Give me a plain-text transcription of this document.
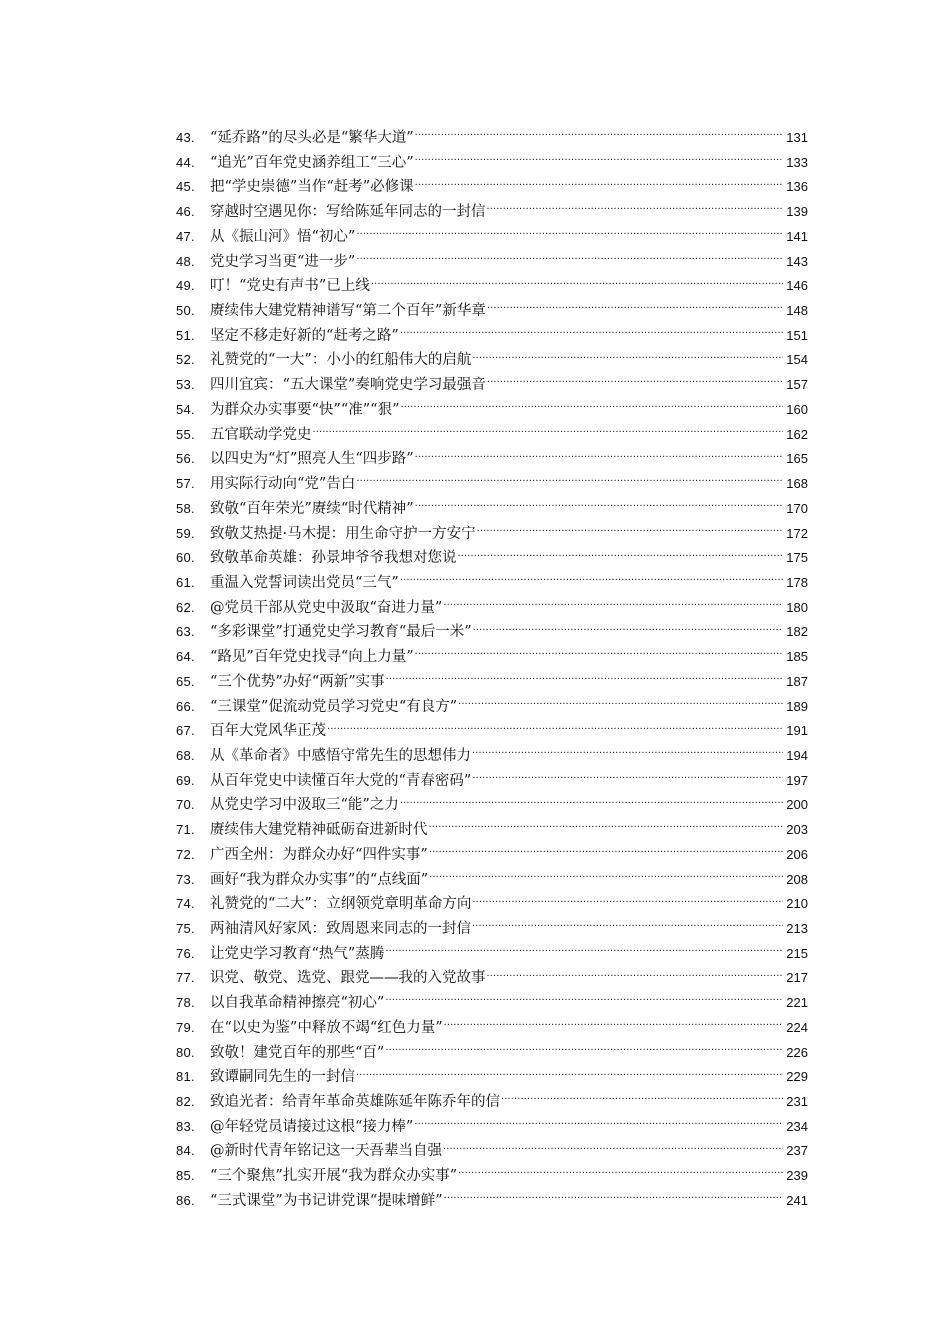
43.	“延乔路”的尽头必是“繁华大道” .....	131
44.	“追光”百年党史涵养组工“三心” .....	133
45.	把“学史崇德”当作“赶考”必修课 .....	136
46.	穿越时空遇见你：写给陈延年同志的一封信 .....	139
47.	从《振山河》悟“初心” .....	141
48.	党史学习当更“进一步” .....	143
49.	叮！“党史有声书”已上线 .....	146
50.	赓续伟大建党精神谱写“第二个百年”新华章 .....	148
51.	坚定不移走好新的“赶考之路” .....	151
52.	礼赞党的“一大”：小小的红船伟大的启航 .....	154
53.	四川宜宾：“五大课堂”奏响党史学习最强音 .....	157
54.	为群众办实事要“快”“准”“狠” .....	160
55.	五官联动学党史 .....	162
56.	以四史为“灯”照亮人生“四步路” .....	165
57.	用实际行动向“党”告白 .....	168
58.	致敬“百年荣光”赓续“时代精神” .....	170
59.	致敬艾热提·马木提：用生命守护一方安宁 .....	172
60.	致敬革命英雄：孙景坤爷爷我想对您说 .....	175
61.	重温入党誓词读出党员“三气” .....	178
62.	@党员干部从党史中汲取“奋进力量” .....	180
63.	“多彩课堂”打通党史学习教育“最后一米” .....	182
64.	“路见”百年党史找寻“向上力量” .....	185
65.	“三个优势”办好“两新”实事 .....	187
66.	“三课堂”促流动党员学习党史“有良方” .....	189
67.	百年大党风华正茂 .....	191
68.	从《革命者》中感悟守常先生的思想伟力 .....	194
69.	从百年党史中读懂百年大党的“青春密码” .....	197
70.	从党史学习中汲取三“能”之力 .....	200
71.	赓续伟大建党精神砥砺奋进新时代 .....	203
72.	广西全州：为群众办好“四件实事” .....	206
73.	画好“我为群众办实事”的“点线面” .....	208
74.	礼赞党的“二大”：立纲领党章明革命方向 .....	210
75.	两袖清风好家风：致周恩来同志的一封信 .....	213
76.	让党史学习教育“热气”蒸腾 .....	215
77.	识党、敬党、选党、跟党——我的入党故事 .....	217
78.	以自我革命精神擦亮“初心” .....	221
79.	在“以史为鉴”中释放不竭“红色力量” .....	224
80.	致敬！建党百年的那些“百” .....	226
81.	致谭嗣同先生的一封信 .....	229
82.	致追光者：给青年革命英雄陈延年陈乔年的信 .....	231
83.	@年轻党员请接过这根“接力棒” .....	234
84.	@新时代青年铭记这一天吾辈当自强 .....	237
85.	“三个聚焦”扎实开展“我为群众办实事” .....	239
86.	“三式课堂”为书记讲党课“提味增鲜” .....	241
